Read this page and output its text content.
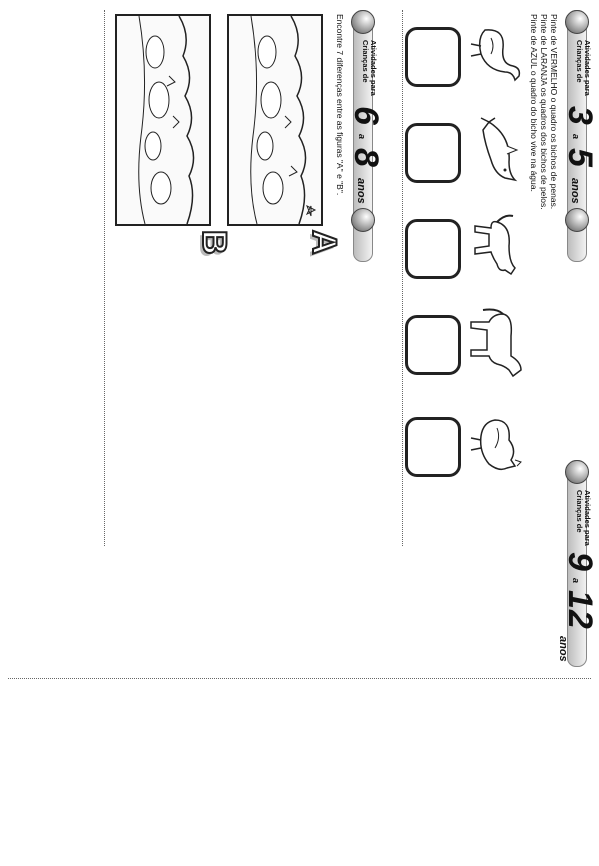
Atividades para
Crianças de
3
a
5
anos
Pinte de VERMELHO o quadro os bichos de penas.
Pinte de LARANJA os quadros dos bichos de pelos.
Pinte de AZUL o quadro do bicho vive na água.
Atividades para
Crianças de
6
a
8
anos
Encontre 7 diferenças entre as figuras "A" e "B".
A
B
Atividades para
Crianças de
9
a
12
anos
